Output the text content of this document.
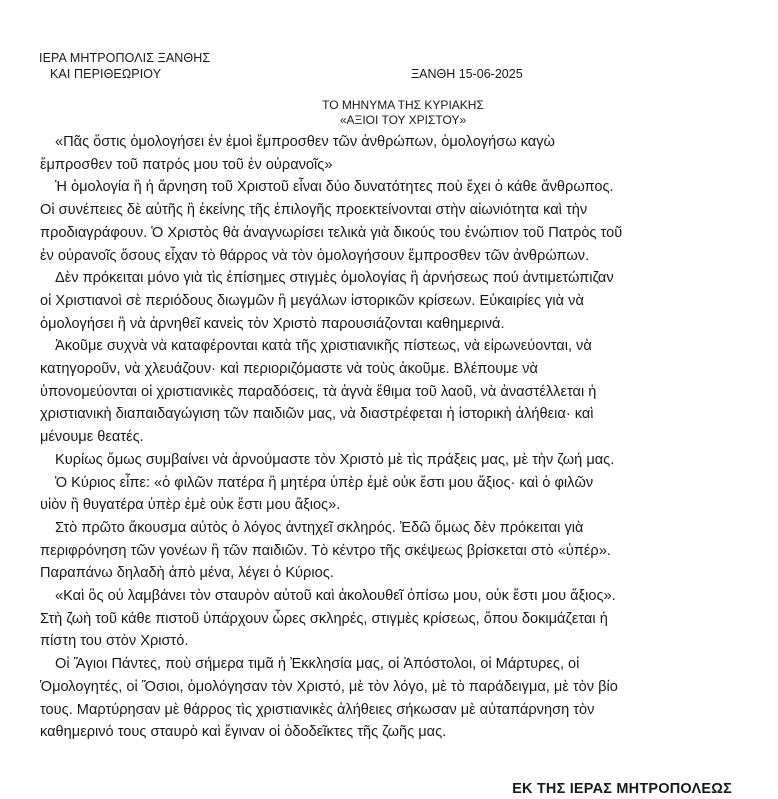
ΙΕΡΑ ΜΗΤΡΟΠΟΛΙΣ ΞΑΝΘΗΣ
ΚΑΙ ΠΕΡΙΘΕΩΡΙΟΥ	ΞΑΝΘΗ 15-06-2025
ΤΟ ΜΗΝΥΜΑ ΤΗΣ ΚΥΡΙΑΚΗΣ
«ΑΞΙΟΙ ΤΟΥ ΧΡΙΣΤΟΥ»
«Πᾶς ὅστις ὁμολογήσει ἐν ἐμοὶ ἔμπροσθεν τῶν ἀνθρώπων, ὁμολογήσω καγὼ
ἔμπροσθεν τοῦ πατρός μου τοῦ ἐν οὐρανοῖς»
Ἡ ὁμολογία ἢ ἡ ἄρνηση τοῦ Χριστοῦ εἶναι δύο δυνατότητες ποὺ ἔχει ὁ κάθε ἄνθρωπος.
Οἱ συνέπειες δὲ αὐτῆς ἢ ἐκείνης τῆς ἐπιλογῆς προεκτείνονται στὴν αἰωνιότητα καὶ τὴν
προδιαγράφουν. Ὁ Χριστὸς θὰ ἀναγνωρίσει τελικὰ γιὰ δικούς του ἐνώπιον τοῦ Πατρὸς τοῦ
ἐν οὐρανοῖς ὅσους εἶχαν τὸ θάρρος νὰ τὸν ὁμολογήσουν ἔμπροσθεν τῶν ἀνθρώπων.
Δὲν πρόκειται μόνο γιὰ τὶς ἐπίσημες στιγμὲς ὁμολογίας ἢ ἀρνήσεως πού ἀντιμετώπιζαν
οἱ Χριστιανοὶ σὲ περιόδους διωγμῶν ἢ μεγάλων ἱστορικῶν κρίσεων. Εὐκαιρίες γιὰ νὰ
ὁμολογήσει ἢ νὰ ἀρνηθεῖ κανεὶς τὸν Χριστὸ παρουσιάζονται καθημερινά.
Ἀκοῦμε συχνὰ νὰ καταφέρονται κατὰ τῆς χριστιανικῆς πίστεως, νὰ εἰρωνεύονται, νὰ
κατηγοροῦν, νὰ χλευάζουν· καὶ περιοριζόμαστε νὰ τοὺς ἀκοῦμε. Βλέπουμε νὰ
ὑπονομεύονται οἱ χριστιανικὲς παραδόσεις, τὰ ἁγνὰ ἔθιμα τοῦ λαοῦ, νὰ ἀναστέλλεται ἡ
χριστιανικὴ διαπαιδαγώγιση τῶν παιδιῶν μας, νὰ διαστρέφεται ἡ ἱστορικὴ ἀλήθεια· καὶ
μένουμε θεατές.
Κυρίως ὅμως συμβαίνει νὰ ἀρνούμαστε τὸν Χριστὸ μὲ τὶς πράξεις μας, μὲ τὴν ζωή μας.
Ὁ Κύριος εἶπε: «ὁ φιλῶν πατέρα ἢ μητέρα ὑπὲρ ἐμὲ οὐκ ἔστι μου ἄξιος· καὶ ὁ φιλῶν
υἱὸν ἢ θυγατέρα ὑπὲρ ἐμὲ οὐκ ἔστι μου ἄξιος».
Στὸ πρῶτο ἄκουσμα αὐτὸς ὁ λόγος ἀντηχεῖ σκληρός. Ἐδῶ ὅμως δὲν πρόκειται γιὰ
περιφρόνηση τῶν γονέων ἢ τῶν παιδιῶν. Τὸ κέντρο τῆς σκέψεως βρίσκεται στὸ «ὑπέρ».
Παραπάνω δηλαδὴ ἀπὸ μένα, λέγει ὁ Κύριος.
«Καὶ ὃς οὐ λαμβάνει τὸν σταυρὸν αὐτοῦ καὶ ἀκολουθεῖ ὀπίσω μου, οὐκ ἔστι μου ἄξιος».
Στὴ ζωὴ τοῦ κάθε πιστοῦ ὑπάρχουν ὧρες σκληρές, στιγμὲς κρίσεως, ὅπου δοκιμάζεται ἡ
πίστη του στὸν Χριστό.
Οἱ Ἅγιοι Πάντες, ποὺ σήμερα τιμᾶ ἡ Ἐκκλησία μας, οἱ Ἀπόστολοι, οἱ Μάρτυρες, οἱ
Ὁμολογητές, οἱ Ὅσιοι, ὁμολόγησαν τὸν Χριστό, μὲ τὸν λόγο, μὲ τὸ παράδειγμα, μὲ τὸν βίο
τους. Μαρτύρησαν μὲ θάρρος τὶς χριστιανικὲς ἀλήθειες σήκωσαν μὲ αὐταπάρνηση τὸν
καθημερινό τους σταυρὸ καὶ ἔγιναν οἱ ὁδοδεῖκτες τῆς ζωῆς μας.
ΕΚ ΤΗΣ ΙΕΡΑΣ ΜΗΤΡΟΠΟΛΕΩΣ
